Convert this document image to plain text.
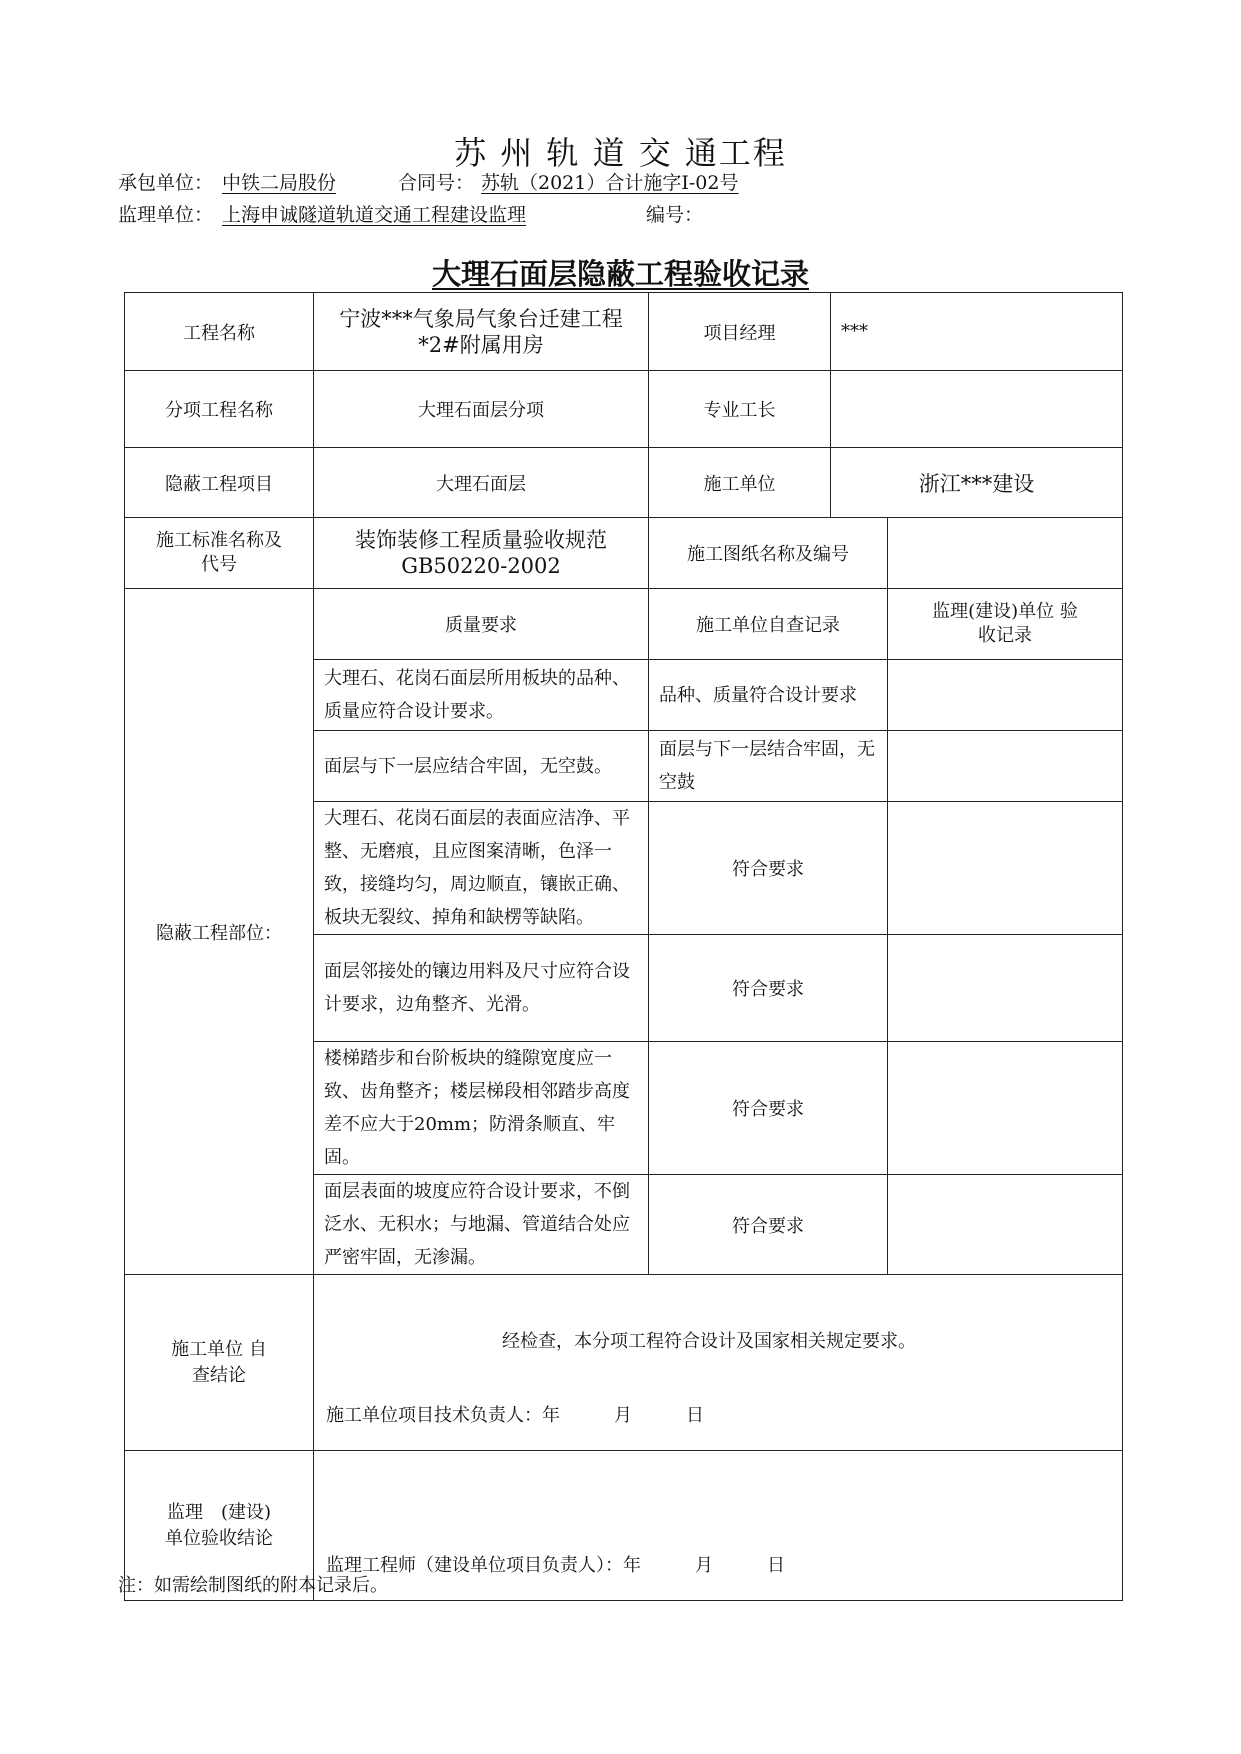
苏 州 轨 道 交 通工程
承包单位： 中铁二局股份	合同号： 苏轨（2021）合计施字Ⅰ-02号
监理单位： 上海申诚隧道轨道交通工程建设监理	编号：
大理石面层隐蔽工程验收记录
工程名称	宁波***气象局气象台迁建工程 *2#附属用房	项目经理	***	
分项工程名称	大理石面层分项	专业工长		
隐蔽工程项目	大理石面层	施工单位	浙江***建设	
施工标准名称及代号	装饰装修工程质量验收规范 GB50220-2002	施工图纸名称及编号		
隐蔽工程部位：	质量要求	施工单位自查记录		监理(建设)单位 验收记录
	大理石、花岗石面层所用板块的品种、质量应符合设计要求。	品种、质量符合设计要求		
	面层与下一层应结合牢固，无空鼓。	面层与下一层结合牢固，无空鼓		
	大理石、花岗石面层的表面应洁净、平整、无磨痕，且应图案清晰，色泽一致，接缝均匀，周边顺直，镶嵌正确、板块无裂纹、掉角和缺楞等缺陷。	符合要求		
	面层邻接处的镶边用料及尺寸应符合设计要求，边角整齐、光滑。	符合要求		
	楼梯踏步和台阶板块的缝隙宽度应一致、齿角整齐；楼层梯段相邻踏步高度差不应大于20mm；防滑条顺直、牢固。	符合要求		
	面层表面的坡度应符合设计要求，不倒泛水、无积水；与地漏、管道结合处应严密牢固，无渗漏。	符合要求		
施工单位 自查结论	经检查，本分项工程符合设计及国家相关规定要求。
施工单位项目技术负责人：年　　　月　　　日			

监理　(建设) 单位验收结论	监理工程师（建设单位项目负责人）：年　　　月　　　日			
注：如需绘制图纸的附本记录后。
